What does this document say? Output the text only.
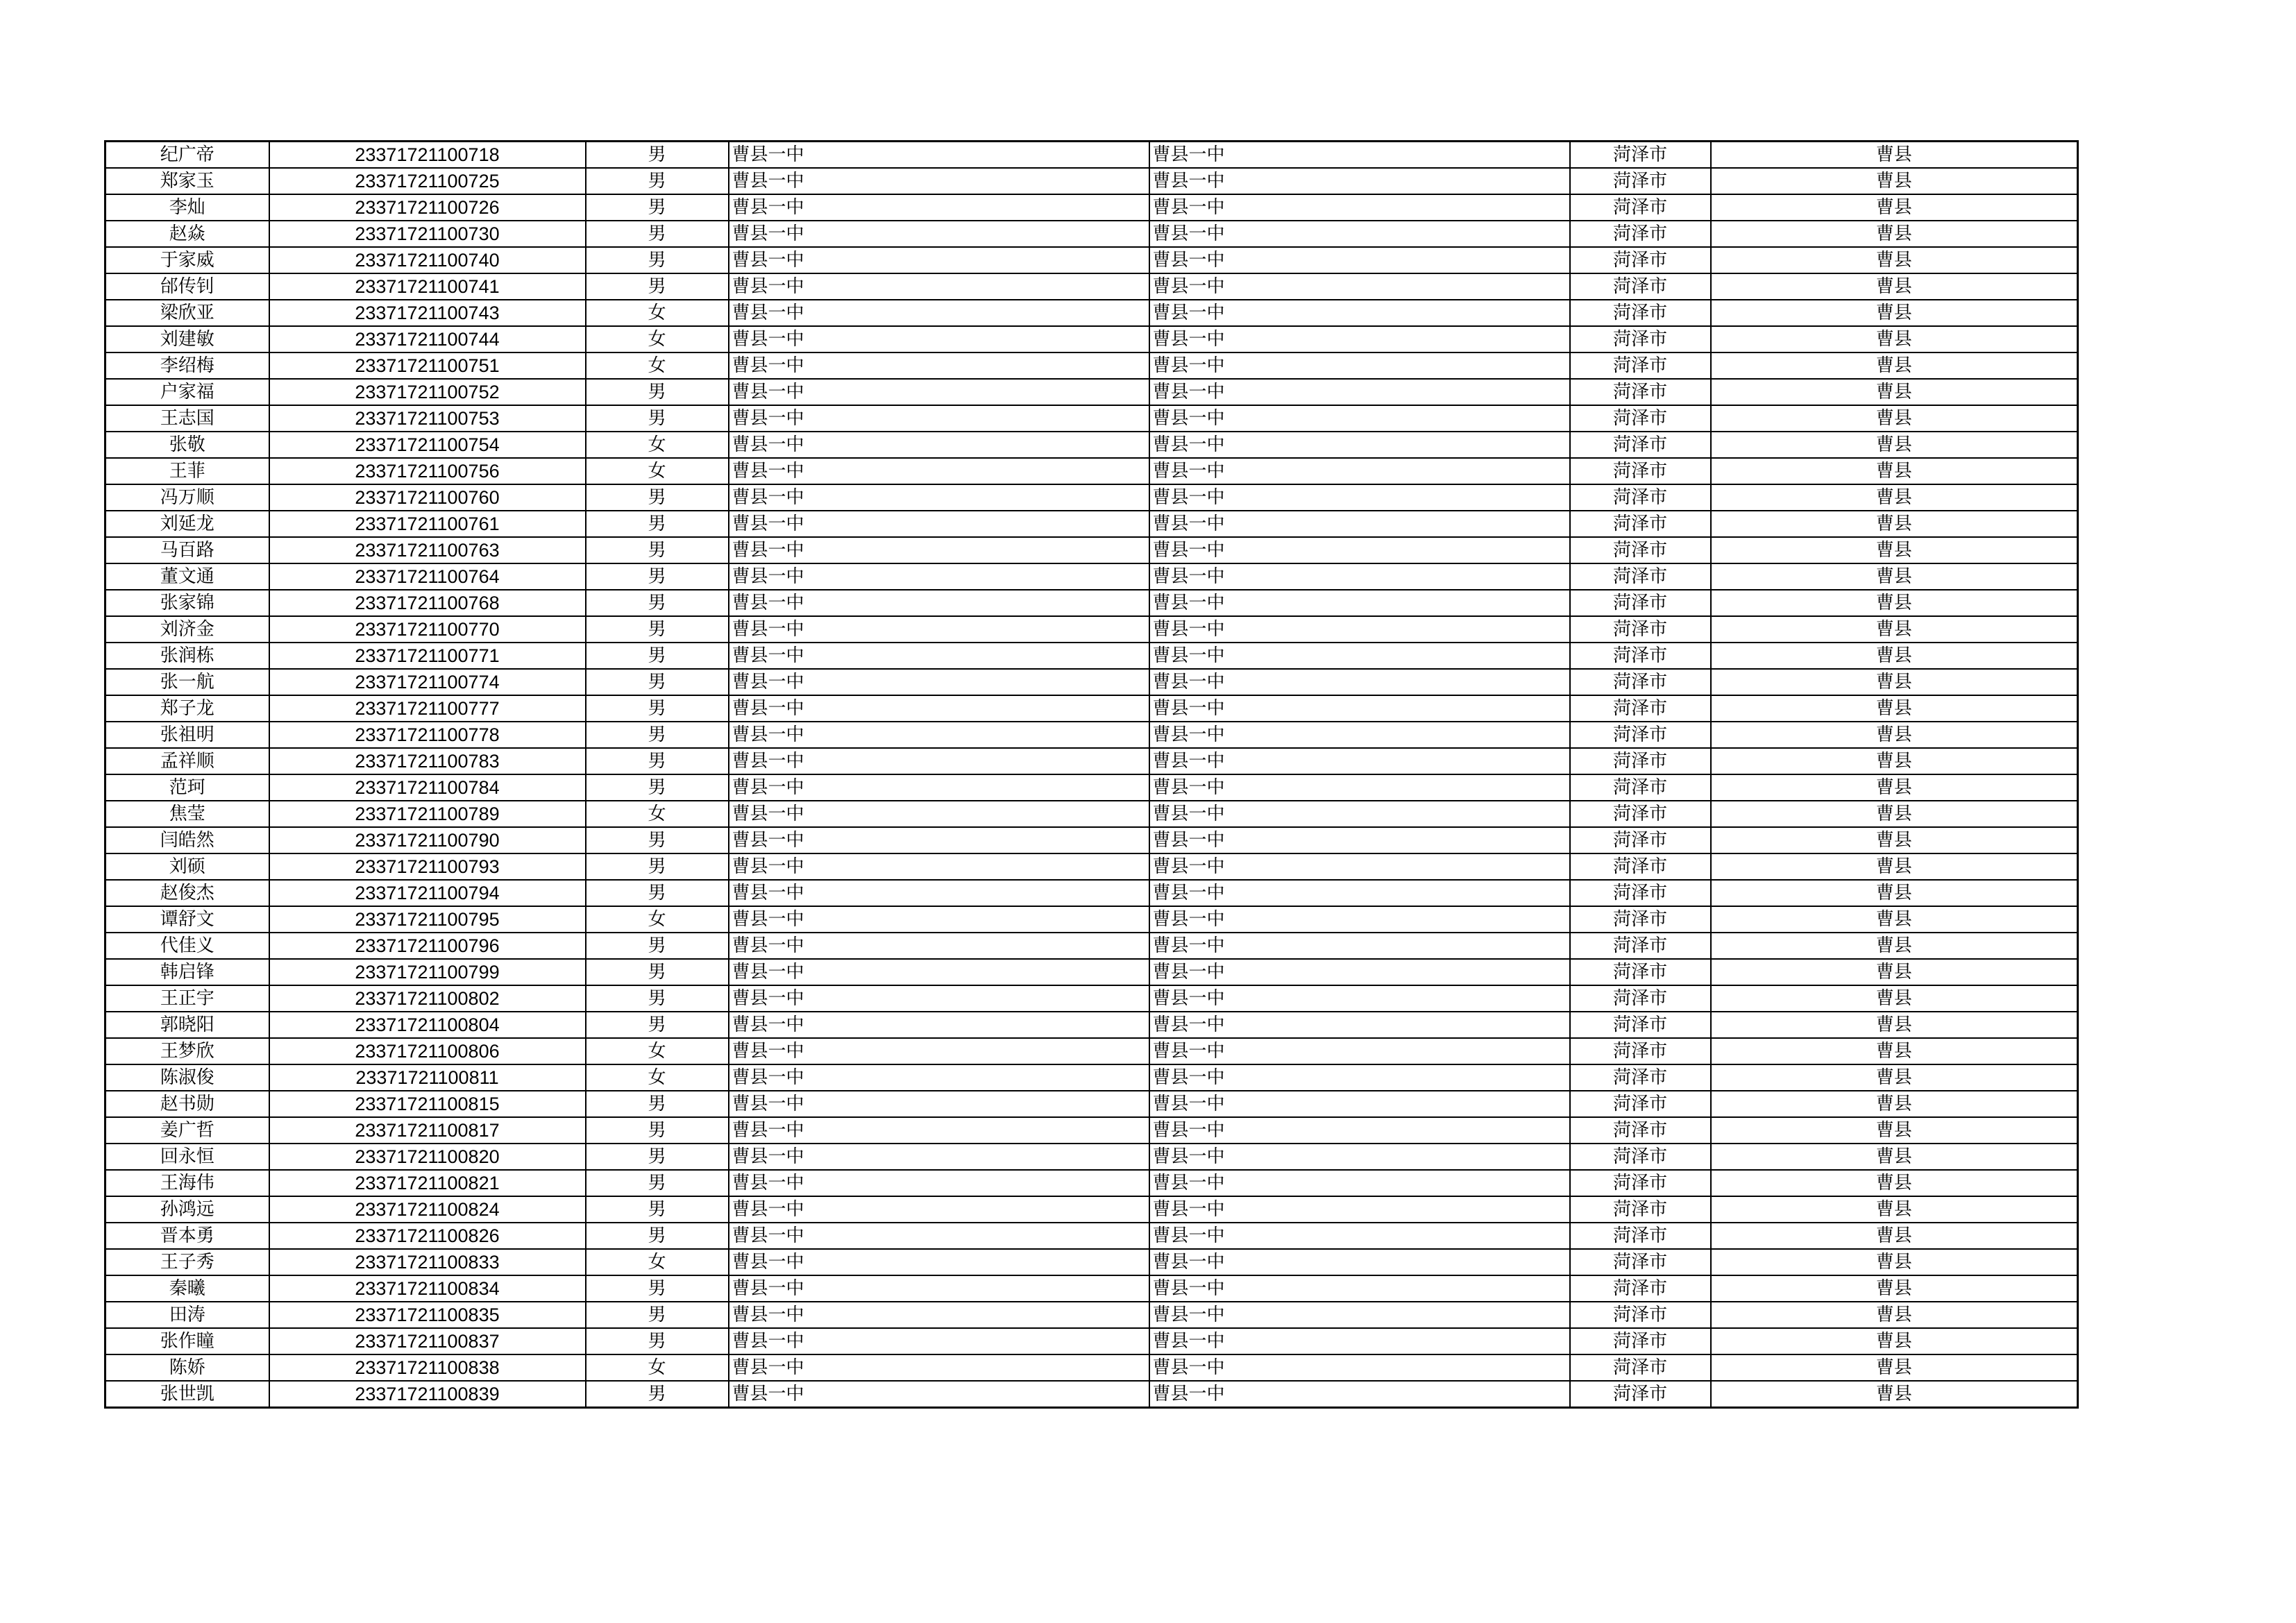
纪广帝	23371721100718	男	曹县一中	曹县一中	菏泽市	曹县
郑家玉	23371721100725	男	曹县一中	曹县一中	菏泽市	曹县
李灿	23371721100726	男	曹县一中	曹县一中	菏泽市	曹县
赵焱	23371721100730	男	曹县一中	曹县一中	菏泽市	曹县
于家威	23371721100740	男	曹县一中	曹县一中	菏泽市	曹县
邰传钊	23371721100741	男	曹县一中	曹县一中	菏泽市	曹县
梁欣亚	23371721100743	女	曹县一中	曹县一中	菏泽市	曹县
刘建敏	23371721100744	女	曹县一中	曹县一中	菏泽市	曹县
李绍梅	23371721100751	女	曹县一中	曹县一中	菏泽市	曹县
户家福	23371721100752	男	曹县一中	曹县一中	菏泽市	曹县
王志国	23371721100753	男	曹县一中	曹县一中	菏泽市	曹县
张敬	23371721100754	女	曹县一中	曹县一中	菏泽市	曹县
王菲	23371721100756	女	曹县一中	曹县一中	菏泽市	曹县
冯万顺	23371721100760	男	曹县一中	曹县一中	菏泽市	曹县
刘延龙	23371721100761	男	曹县一中	曹县一中	菏泽市	曹县
马百路	23371721100763	男	曹县一中	曹县一中	菏泽市	曹县
董文通	23371721100764	男	曹县一中	曹县一中	菏泽市	曹县
张家锦	23371721100768	男	曹县一中	曹县一中	菏泽市	曹县
刘济金	23371721100770	男	曹县一中	曹县一中	菏泽市	曹县
张润栋	23371721100771	男	曹县一中	曹县一中	菏泽市	曹县
张一航	23371721100774	男	曹县一中	曹县一中	菏泽市	曹县
郑子龙	23371721100777	男	曹县一中	曹县一中	菏泽市	曹县
张祖明	23371721100778	男	曹县一中	曹县一中	菏泽市	曹县
孟祥顺	23371721100783	男	曹县一中	曹县一中	菏泽市	曹县
范珂	23371721100784	男	曹县一中	曹县一中	菏泽市	曹县
焦莹	23371721100789	女	曹县一中	曹县一中	菏泽市	曹县
闫皓然	23371721100790	男	曹县一中	曹县一中	菏泽市	曹县
刘硕	23371721100793	男	曹县一中	曹县一中	菏泽市	曹县
赵俊杰	23371721100794	男	曹县一中	曹县一中	菏泽市	曹县
谭舒文	23371721100795	女	曹县一中	曹县一中	菏泽市	曹县
代佳义	23371721100796	男	曹县一中	曹县一中	菏泽市	曹县
韩启锋	23371721100799	男	曹县一中	曹县一中	菏泽市	曹县
王正宇	23371721100802	男	曹县一中	曹县一中	菏泽市	曹县
郭晓阳	23371721100804	男	曹县一中	曹县一中	菏泽市	曹县
王梦欣	23371721100806	女	曹县一中	曹县一中	菏泽市	曹县
陈淑俊	23371721100811	女	曹县一中	曹县一中	菏泽市	曹县
赵书勋	23371721100815	男	曹县一中	曹县一中	菏泽市	曹县
姜广哲	23371721100817	男	曹县一中	曹县一中	菏泽市	曹县
回永恒	23371721100820	男	曹县一中	曹县一中	菏泽市	曹县
王海伟	23371721100821	男	曹县一中	曹县一中	菏泽市	曹县
孙鸿远	23371721100824	男	曹县一中	曹县一中	菏泽市	曹县
晋本勇	23371721100826	男	曹县一中	曹县一中	菏泽市	曹县
王子秀	23371721100833	女	曹县一中	曹县一中	菏泽市	曹县
秦曦	23371721100834	男	曹县一中	曹县一中	菏泽市	曹县
田涛	23371721100835	男	曹县一中	曹县一中	菏泽市	曹县
张作瞳	23371721100837	男	曹县一中	曹县一中	菏泽市	曹县
陈娇	23371721100838	女	曹县一中	曹县一中	菏泽市	曹县
张世凯	23371721100839	男	曹县一中	曹县一中	菏泽市	曹县
